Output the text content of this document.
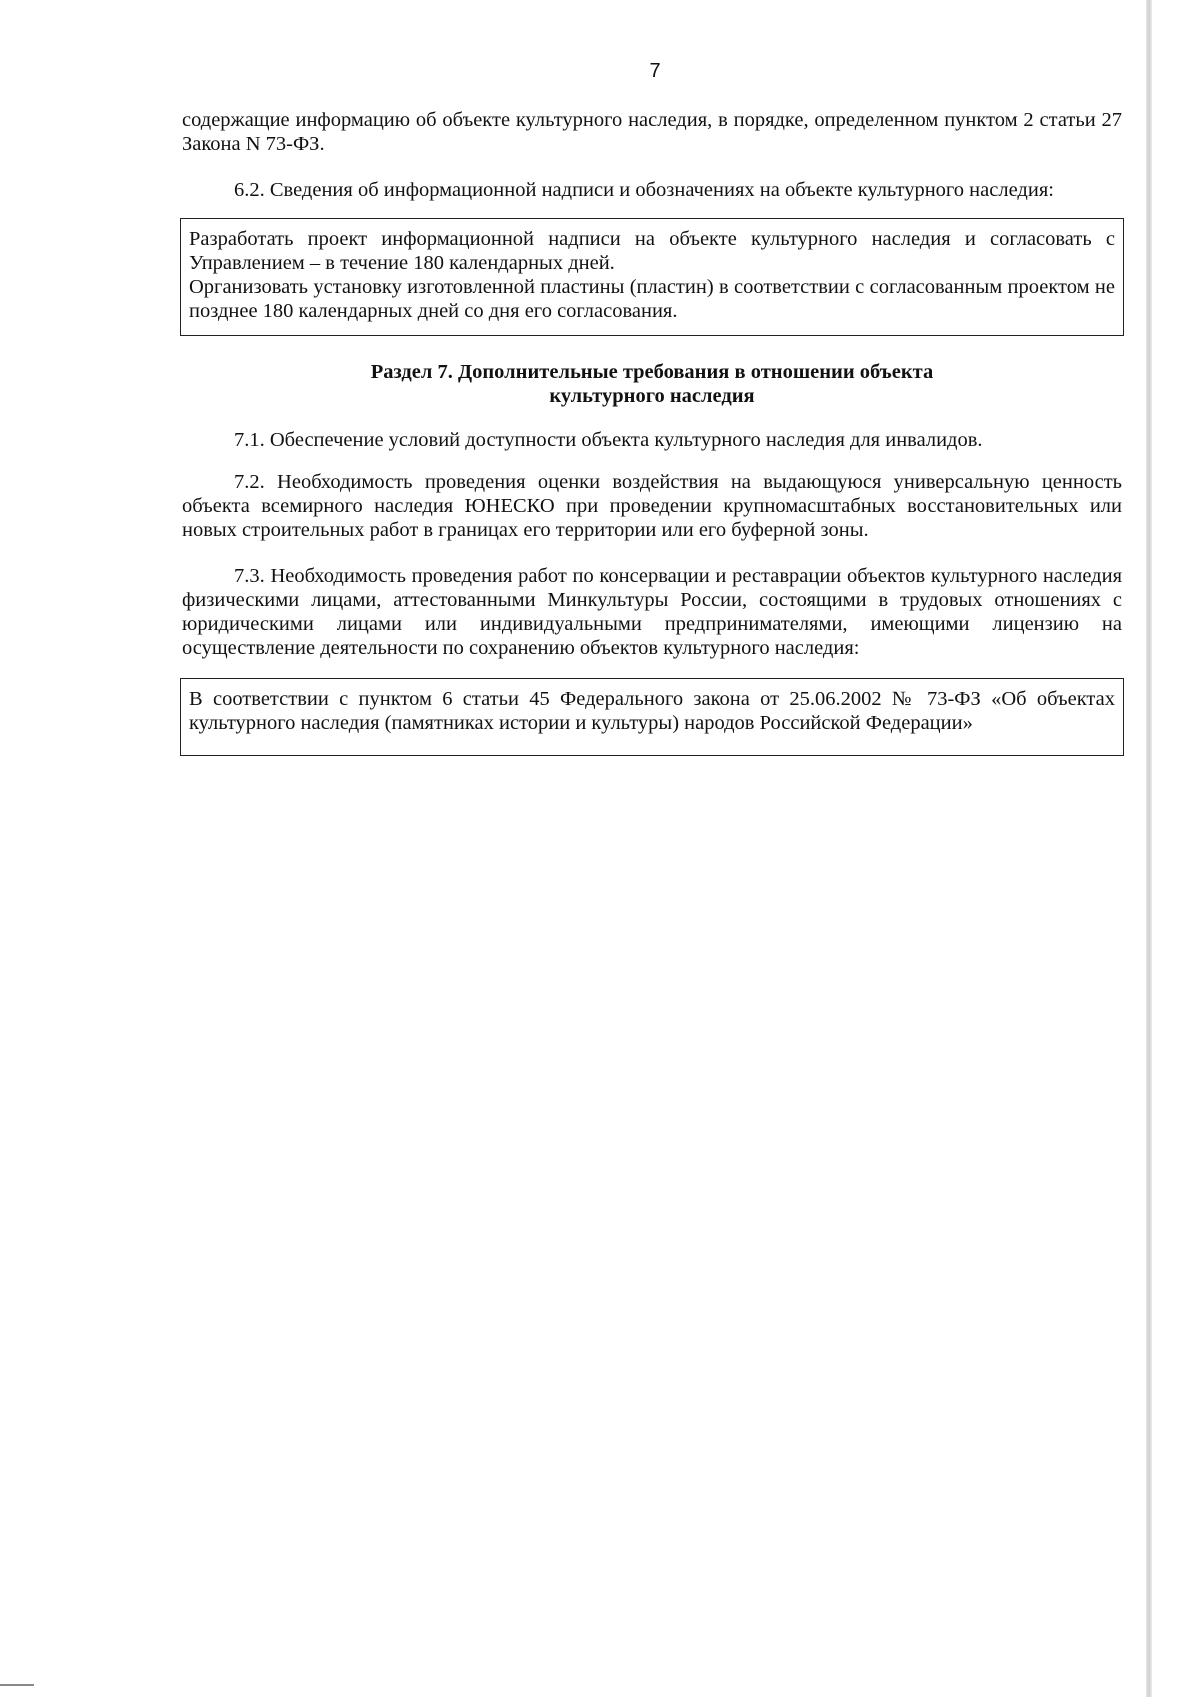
7

содержащие информацию об объекте культурного наследия, в порядке, определенном пунктом 2 статьи 27 Закона N 73-ФЗ.

6.2. Сведения об информационной надписи и обозначениях на объекте культурного наследия:

Разработать проект информационной надписи на объекте культурного наследия и согласовать с Управлением – в течение 180 календарных дней.

Организовать установку изготовленной пластины (пластин) в соответствии с согласованным проектом не позднее 180 календарных дней со дня его согласования.

Раздел 7. Дополнительные требования в отношении объекта
культурного наследия

7.1. Обеспечение условий доступности объекта культурного наследия для инвалидов.

7.2. Необходимость проведения оценки воздействия на выдающуюся универсальную ценность объекта всемирного наследия ЮНЕСКО при проведении крупномасштабных восстановительных или новых строительных работ в границах его территории или его буферной зоны.

7.3. Необходимость проведения работ по консервации и реставрации объектов культурного наследия физическими лицами, аттестованными Минкультуры России, состоящими в трудовых отношениях с юридическими лицами или индивидуальными предпринимателями, имеющими лицензию на осуществление деятельности по сохранению объектов культурного наследия:

В соответствии с пунктом 6 статьи 45 Федерального закона от 25.06.2002 № 73-ФЗ «Об объектах культурного наследия (памятниках истории и культуры) народов Российской Федерации»
